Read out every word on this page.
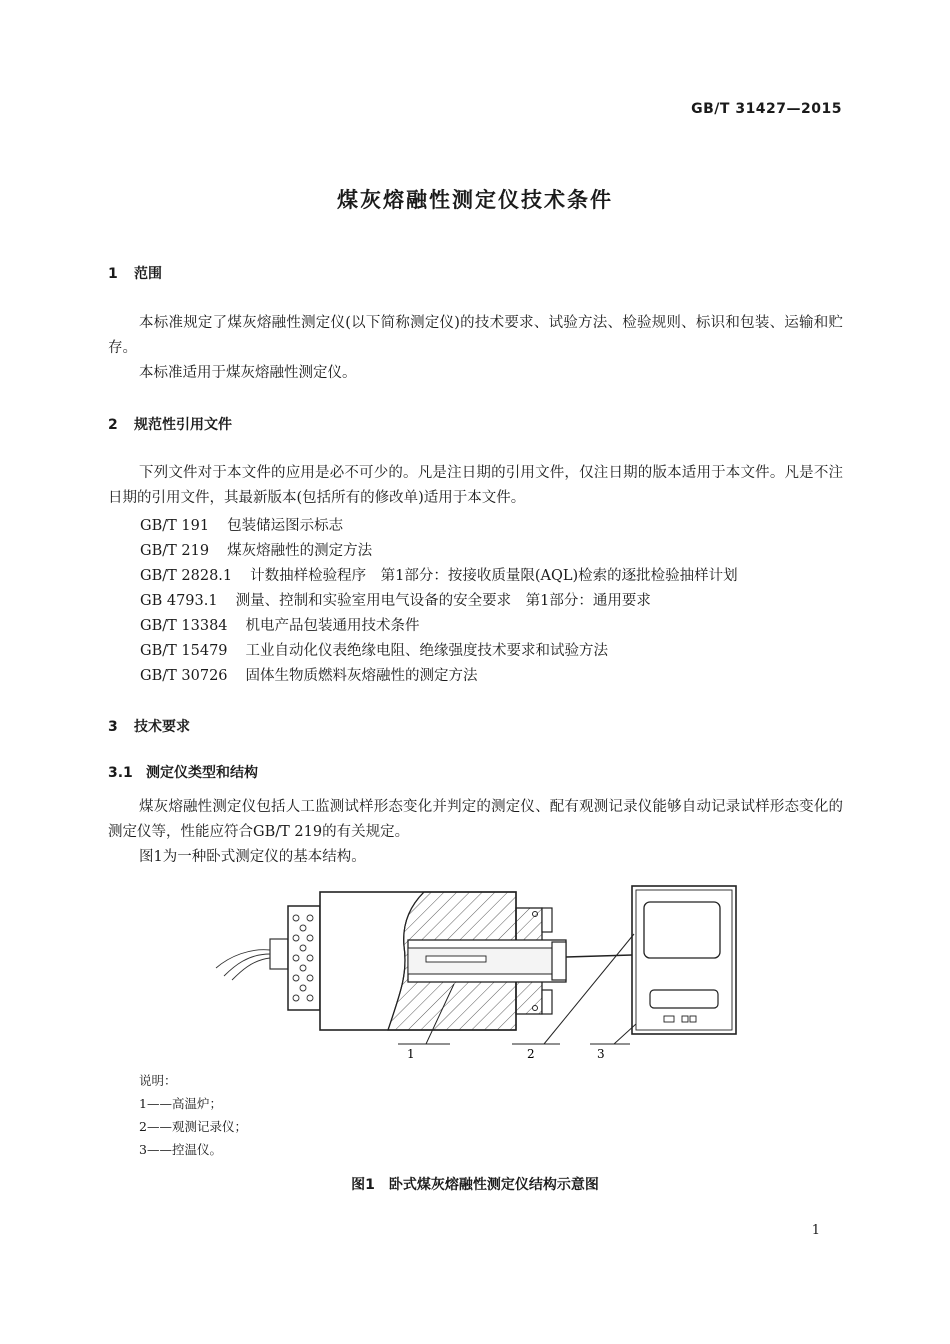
GB/T 31427—2015
煤灰熔融性测定仪技术条件
1 范围

本标准规定了煤灰熔融性测定仪(以下简称测定仪)的技术要求、试验方法、检验规则、标识和包装、运输和贮存。

本标准适用于煤灰熔融性测定仪。

2 规范性引用文件

下列文件对于本文件的应用是必不可少的。凡是注日期的引用文件，仅注日期的版本适用于本文件。凡是不注日期的引用文件，其最新版本(包括所有的修改单)适用于本文件。

GB/T 191 包装储运图示标志
GB/T 219 煤灰熔融性的测定方法
GB/T 2828.1 计数抽样检验程序　第1部分：按接收质量限(AQL)检索的逐批检验抽样计划
GB 4793.1 测量、控制和实验室用电气设备的安全要求　第1部分：通用要求
GB/T 13384 机电产品包装通用技术条件
GB/T 15479 工业自动化仪表绝缘电阻、绝缘强度技术要求和试验方法
GB/T 30726 固体生物质燃料灰熔融性的测定方法
3 技术要求
3.1 测定仪类型和结构

煤灰熔融性测定仪包括人工监测试样形态变化并判定的测定仪、配有观测记录仪能够自动记录试样形态变化的测定仪等，性能应符合GB/T 219的有关规定。

图1为一种卧式测定仪的基本结构。

1	2	3
说明：
1——高温炉；
2——观测记录仪；
3——控温仪。
图1　卧式煤灰熔融性测定仪结构示意图
1
